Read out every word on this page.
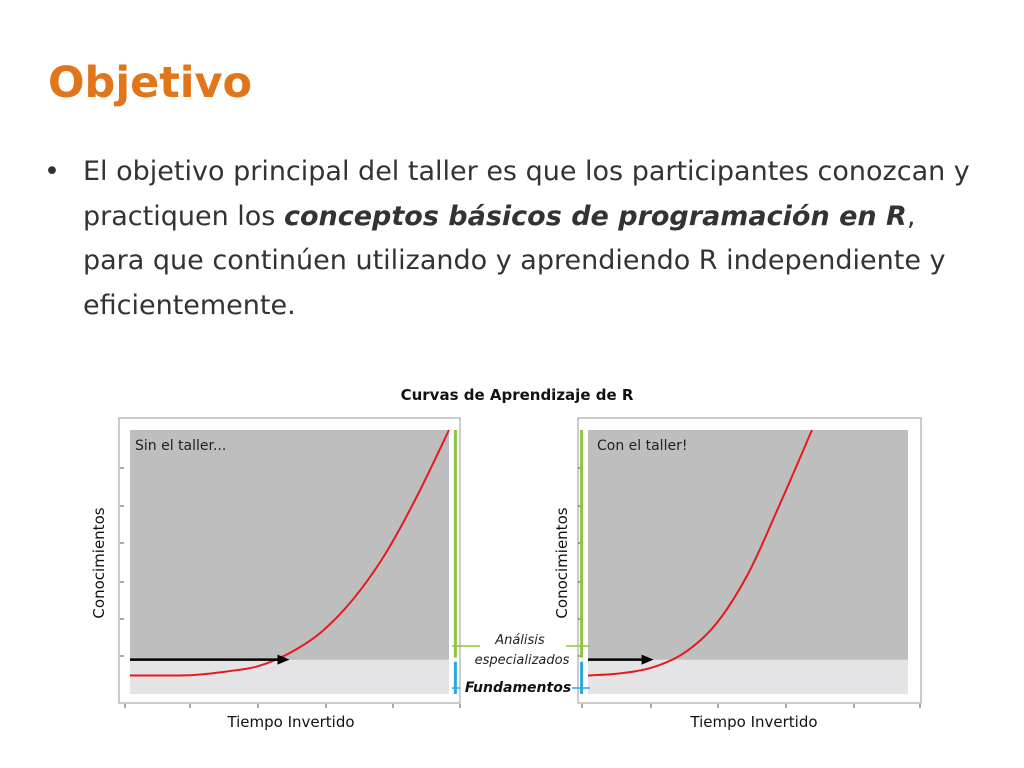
Objetivo
• El objetivo principal del taller es que los participantes conozcan y practiquen los conceptos básicos de programación en R, para que continúen utilizando y aprendiendo R independiente y eficientemente.
Curvas de Aprendizaje de R
Sin el taller...
Tiempo Invertido
Conocimientos
Con el taller!
Tiempo Invertido
Conocimientos
Análisis especializados
Fundamentos
